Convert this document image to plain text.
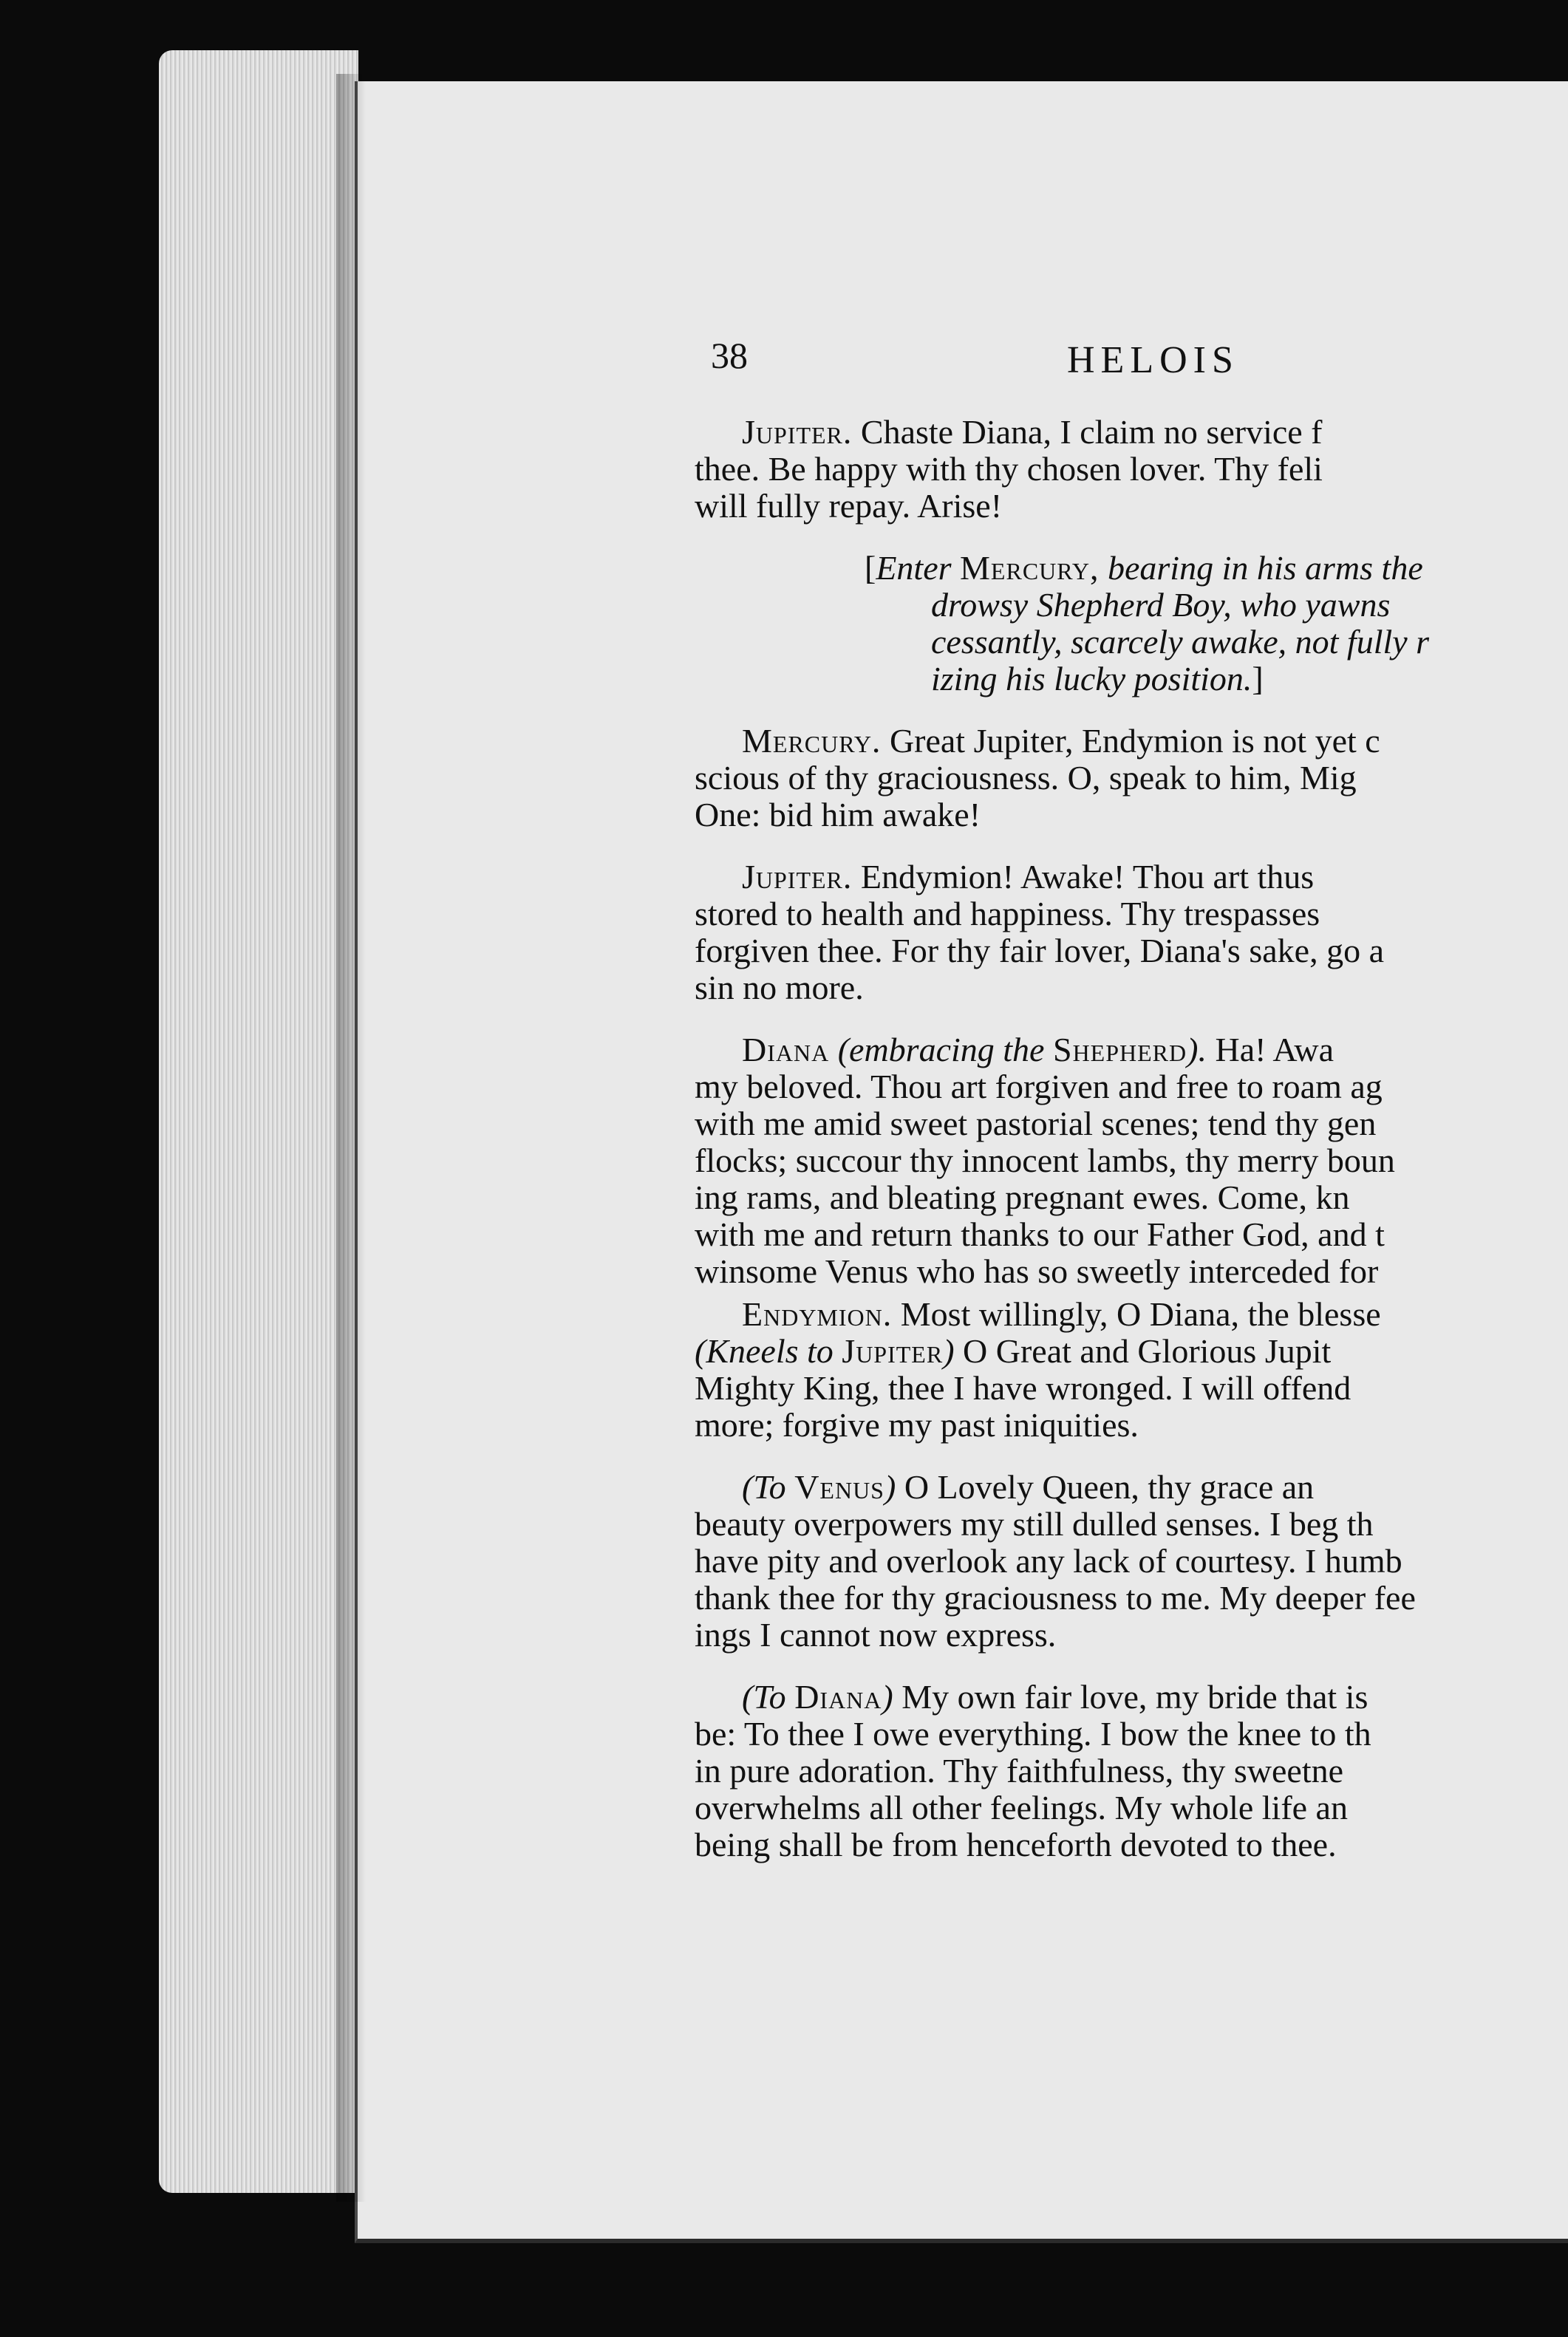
38	HELOIS
Jupiter. Chaste Diana, I claim no service f
thee. Be happy with thy chosen lover. Thy feli
will fully repay. Arise!
[Enter Mercury, bearing in his arms the
drowsy Shepherd Boy, who yawns
cessantly, scarcely awake, not fully r
izing his lucky position.]
Mercury. Great Jupiter, Endymion is not yet c
scious of thy graciousness. O, speak to him, Mig
One: bid him awake!
Jupiter. Endymion! Awake! Thou art thus
stored to health and happiness. Thy trespasses
forgiven thee. For thy fair lover, Diana's sake, go a
sin no more.
Diana (embracing the Shepherd). Ha! Awa
my beloved. Thou art forgiven and free to roam ag
with me amid sweet pastorial scenes; tend thy gen
flocks; succour thy innocent lambs, thy merry boun
ing rams, and bleating pregnant ewes. Come, kn
with me and return thanks to our Father God, and t
winsome Venus who has so sweetly interceded for
Endymion. Most willingly, O Diana, the blesse
(Kneels to Jupiter) O Great and Glorious Jupit
Mighty King, thee I have wronged. I will offend
more; forgive my past iniquities.
(To Venus) O Lovely Queen, thy grace an
beauty overpowers my still dulled senses. I beg th
have pity and overlook any lack of courtesy. I humb
thank thee for thy graciousness to me. My deeper fee
ings I cannot now express.
(To Diana) My own fair love, my bride that is
be: To thee I owe everything. I bow the knee to th
in pure adoration. Thy faithfulness, thy sweetne
overwhelms all other feelings. My whole life an
being shall be from henceforth devoted to thee.
